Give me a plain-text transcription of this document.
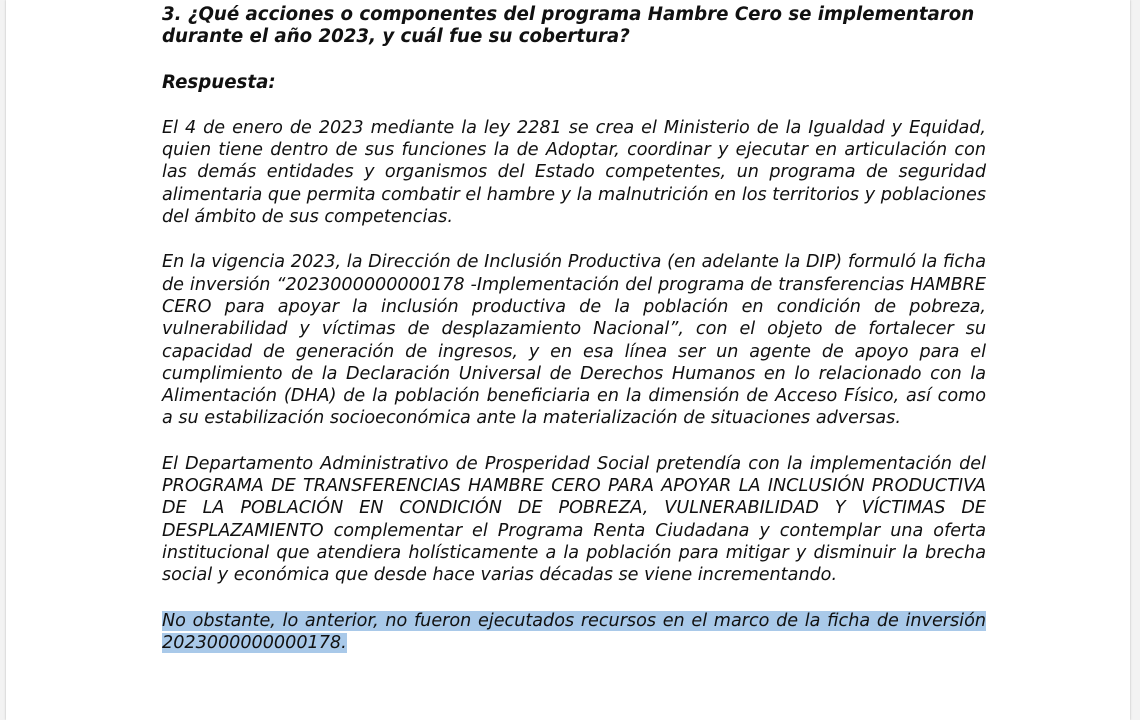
3. ¿Qué acciones o componentes del programa Hambre Cero se implementaron durante el año 2023, y cuál fue su cobertura?

Respuesta:

El 4 de enero de 2023 mediante la ley 2281 se crea el Ministerio de la Igualdad y Equidad, quien tiene dentro de sus funciones la de Adoptar, coordinar y ejecutar en articulación con las demás entidades y organismos del Estado competentes, un programa de seguridad alimentaria que permita combatir el hambre y la malnutrición en los territorios y poblaciones del ámbito de sus competencias.

En la vigencia 2023, la Dirección de Inclusión Productiva (en adelante la DIP) formuló la ficha de inversión “2023000000000178 -Implementación del programa de transferencias HAMBRE CERO para apoyar la inclusión productiva de la población en condición de pobreza, vulnerabilidad y víctimas de desplazamiento Nacional”, con el objeto de fortalecer su capacidad de generación de ingresos, y en esa línea ser un agente de apoyo para el cumplimiento de la Declaración Universal de Derechos Humanos en lo relacionado con la Alimentación (DHA) de la población beneficiaria en la dimensión de Acceso Físico, así como a su estabilización socioeconómica ante la materialización de situaciones adversas.

El Departamento Administrativo de Prosperidad Social pretendía con la implementación del PROGRAMA DE TRANSFERENCIAS HAMBRE CERO PARA APOYAR LA INCLUSIÓN PRODUCTIVA DE LA POBLACIÓN EN CONDICIÓN DE POBREZA, VULNERABILIDAD Y VÍCTIMAS DE DESPLAZAMIENTO complementar el Programa Renta Ciudadana y contemplar una oferta institucional que atendiera holísticamente a la población para mitigar y disminuir la brecha social y económica que desde hace varias décadas se viene incrementando.

No obstante, lo anterior, no fueron ejecutados recursos en el marco de la ficha de inversión 2023000000000178.
